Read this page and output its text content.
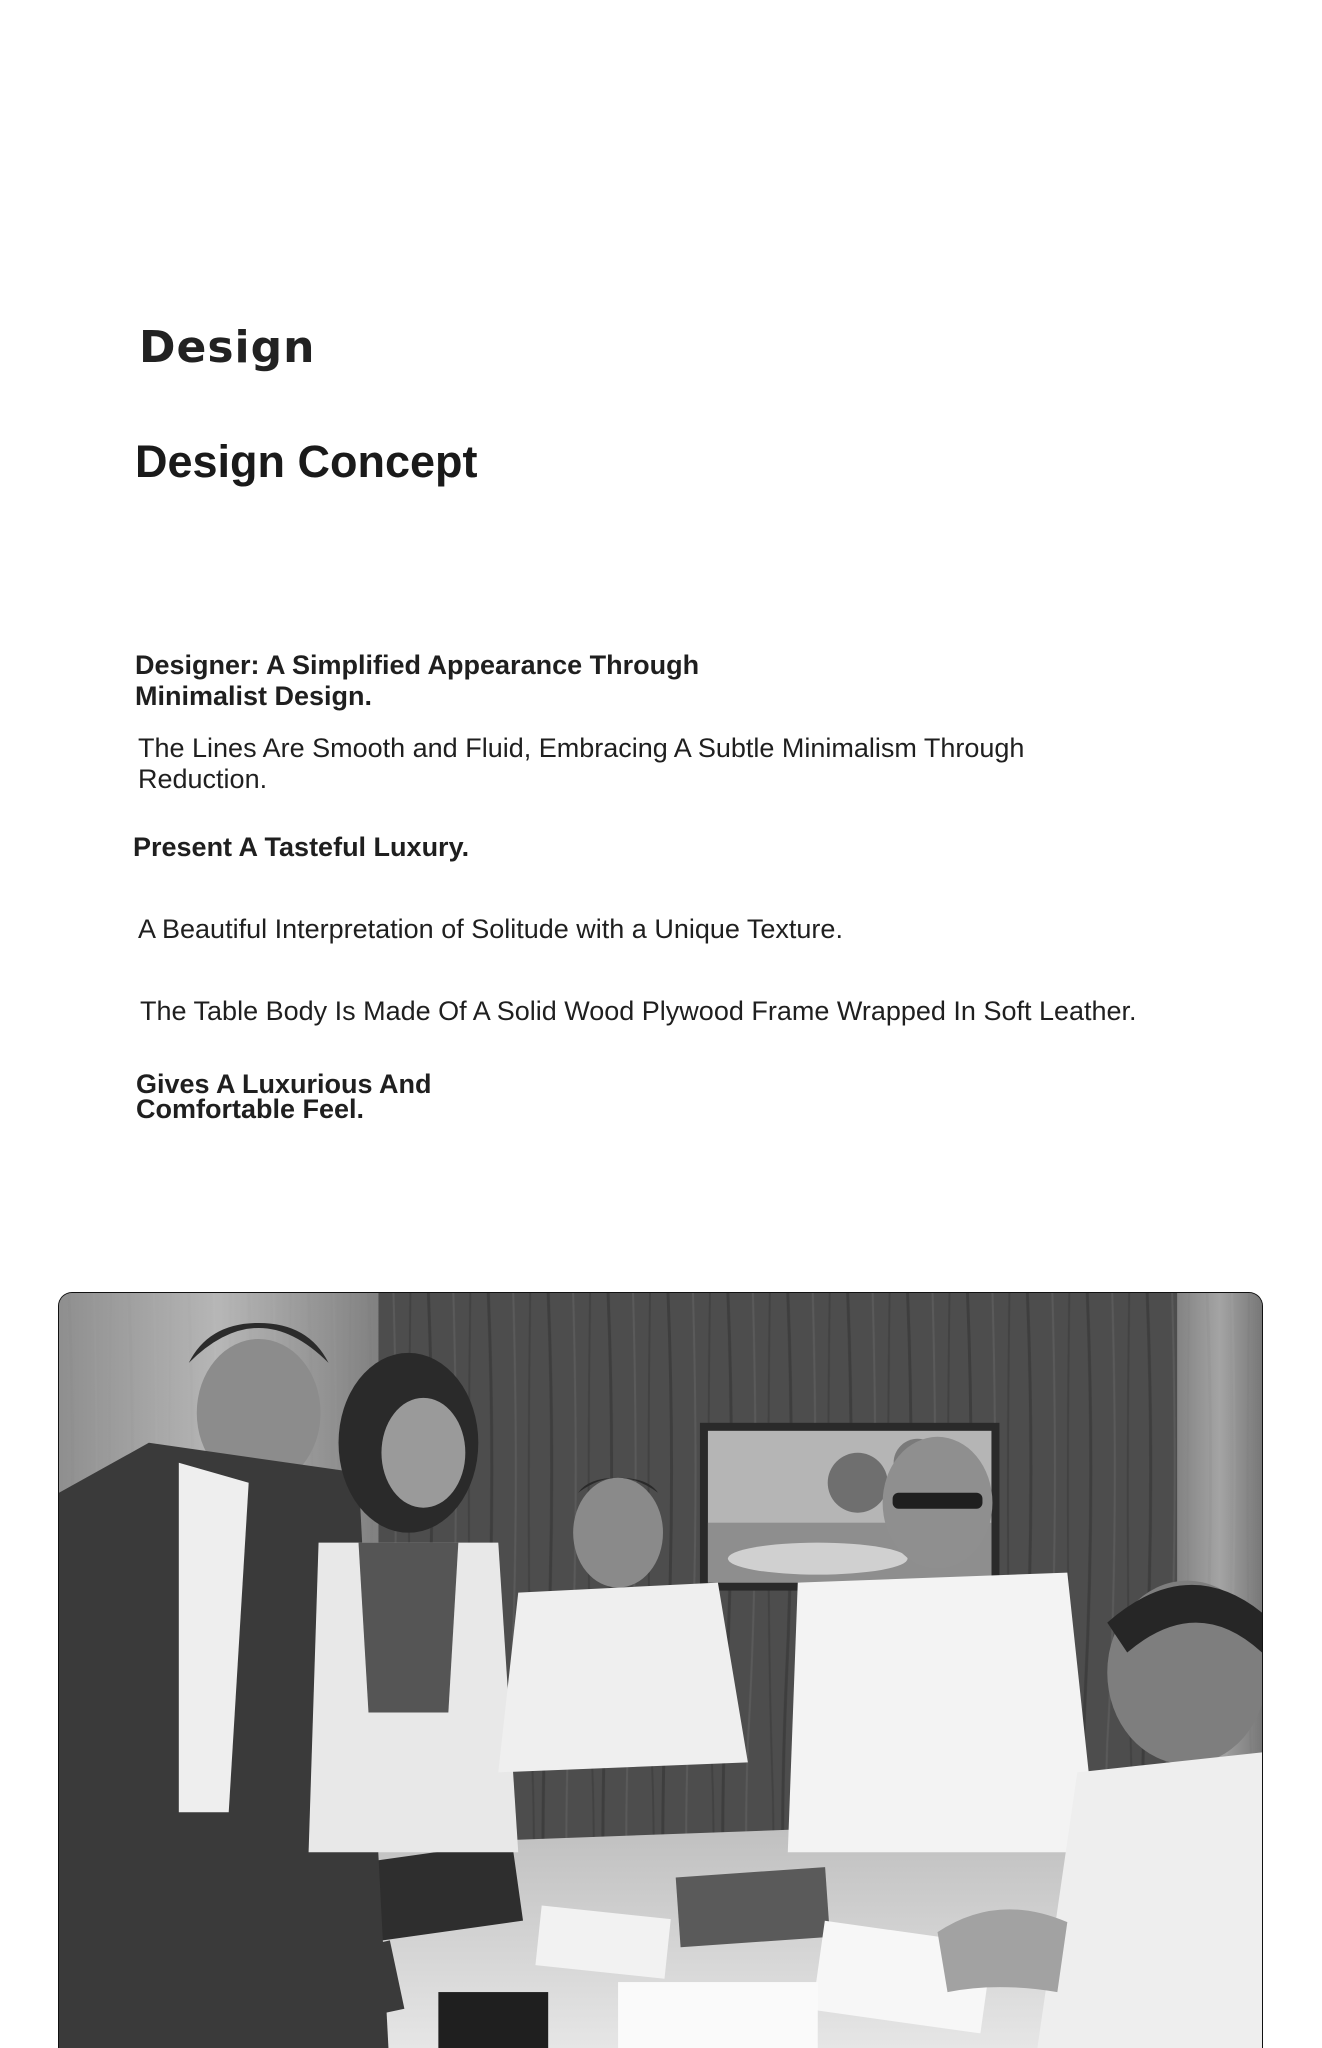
Design
Design Concept

Designer: A Simplified Appearance Through Minimalist Design.

The Lines Are Smooth and Fluid, Embracing A Subtle Minimalism Through Reduction.

Present A Tasteful Luxury.

A Beautiful Interpretation of Solitude with a Unique Texture.

The Table Body Is Made Of A Solid Wood Plywood Frame Wrapped In Soft Leather.

Gives A Luxurious And Comfortable Feel.
